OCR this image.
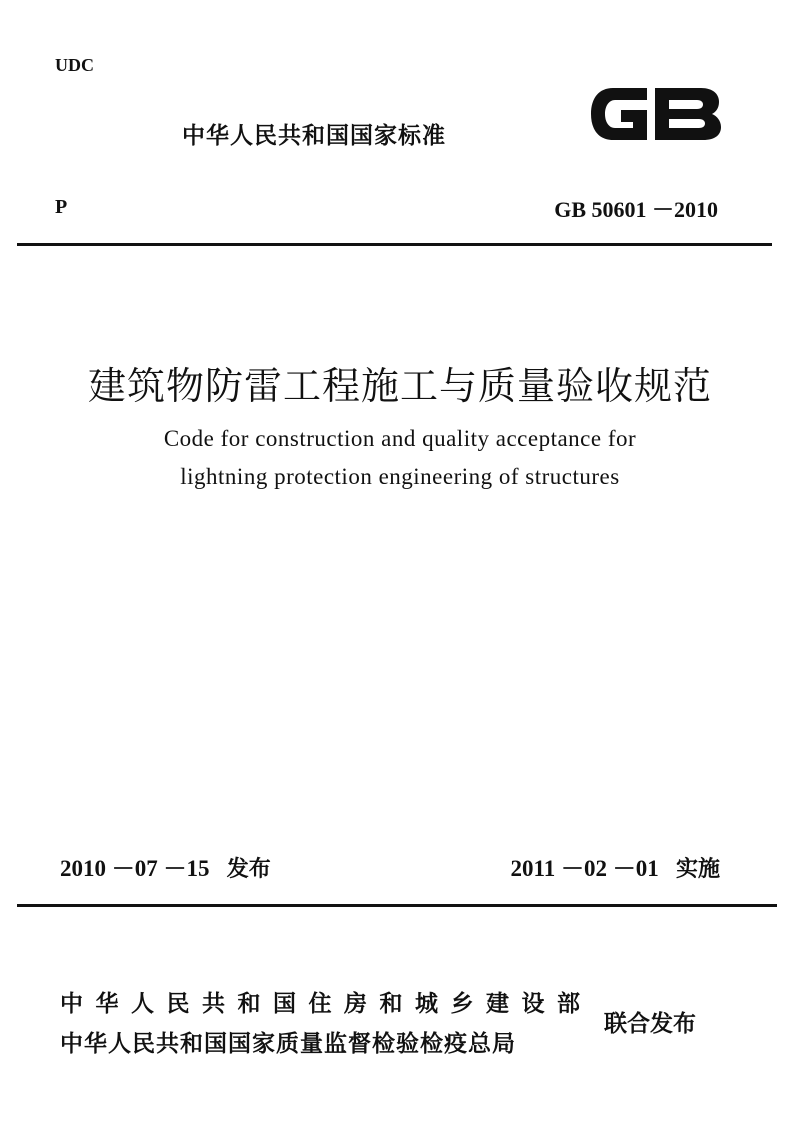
UDC
中华人民共和国国家标准
GB
P	GB 50601 －2010
建筑物防雷工程施工与质量验收规范
Code for construction and quality acceptance for
lightning protection engineering of structures
2010 －07 －15 发布	2011 －02 －01 实施
中华人民共和国住房和城乡建设部
中华人民共和国国家质量监督检验检疫总局
联合发布
